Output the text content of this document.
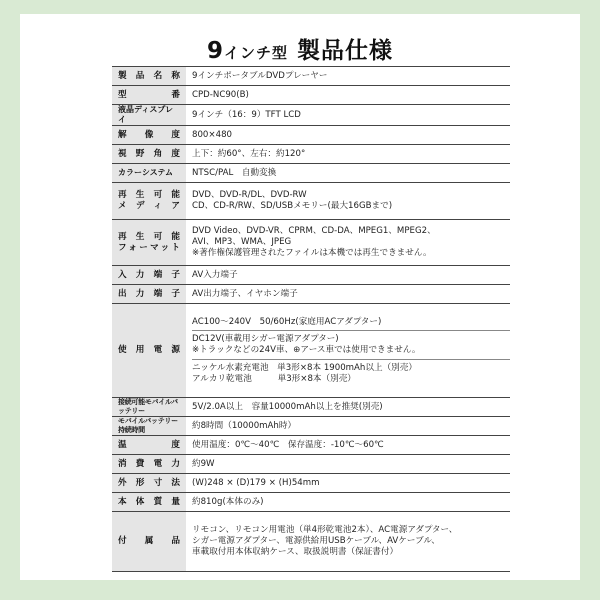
9インチ型 製品仕様
製品名称	9インチポータブルDVDプレーヤー

型番	CPD-NC90(B)

液晶ディスプレイ	9インチ（16：9）TFT LCD

解像度	800×480

視野角度	上下：約60°、左右：約120°

カラーシステム	NTSC/PAL　自動変換

再生可能
メディア	DVD、DVD-R/DL、DVD-RW
CD、CD-R/RW、SD/USBメモリー(最大16GBまで)

再生可能
フォーマット	DVD Video、DVD-VR、CPRM、CD-DA、MPEG1、MPEG2、
AVI、MP3、WMA、JPEG
※著作権保護管理されたファイルは本機では再生できません。

入力端子	AV入力端子

出力端子	AV出力端子、イヤホン端子

使用電源	AC100～240V　50/60Hz(家庭用ACアダプター)
DC12V(車載用シガー電源アダプター)
※トラックなどの24V車、⊕アース車では使用できません。
ニッケル水素充電池　単3形×8本 1900mAh以上（別売）
アルカリ乾電池　　　単3形×8本（別売）

接続可能モバイルバッテリー	5V/2.0A以上　容量10000mAh以上を推奨(別売)

モバイルバッテリー持続時間	約8時間（10000mAh時）

温度	使用温度：0℃～40℃　保存温度：-10℃～60℃

消費電力	約9W

外形寸法	(W)248 × (D)179 × (H)54mm

本体質量	約810g(本体のみ)

付属品	リモコン、リモコン用電池（単4形乾電池2本）、AC電源アダプター、
シガー電源アダプター、電源供給用USBケーブル、AVケーブル、
車載取付用本体収納ケース、取扱説明書（保証書付）
